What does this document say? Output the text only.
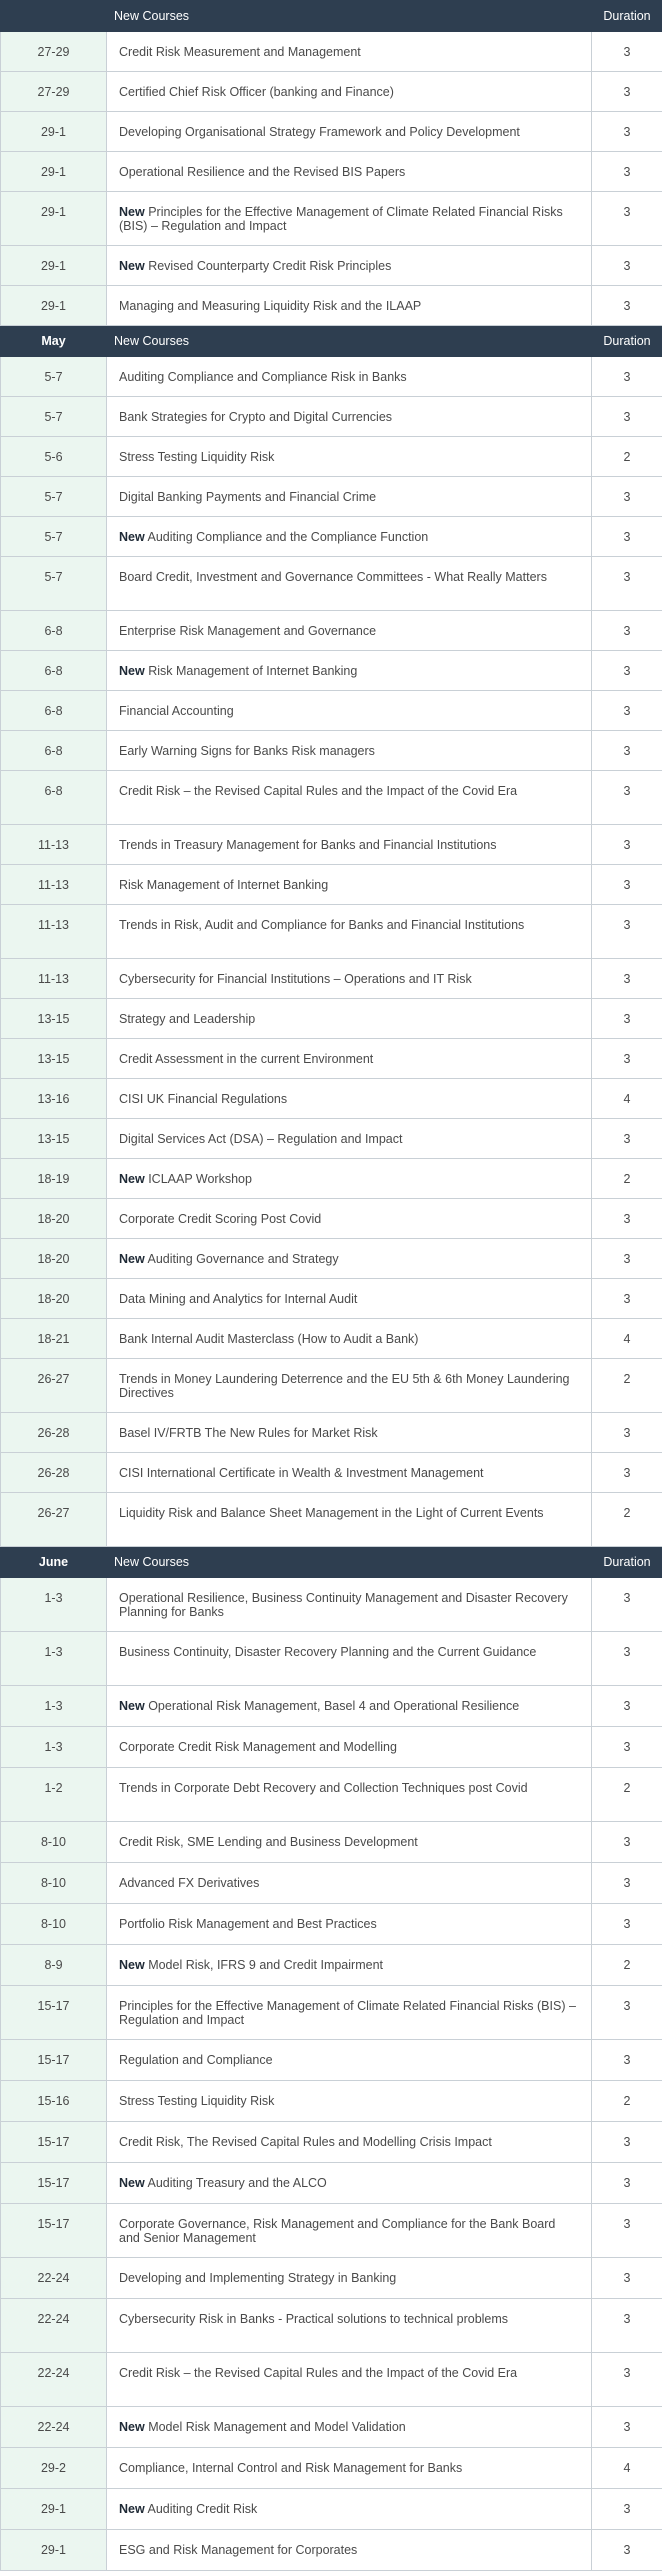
	New Courses	Duration
27-29	Credit Risk Measurement and Management	3
27-29	Certified Chief Risk Officer (banking and Finance)	3
29-1	Developing Organisational Strategy Framework and Policy Development	3
29-1	Operational Resilience and the Revised BIS Papers	3
29-1	New Principles for the Effective Management of Climate Related Financial Risks (BIS) – Regulation and Impact	3
29-1	New Revised Counterparty Credit Risk Principles	3
29-1	Managing and Measuring Liquidity Risk and the ILAAP	3
May	New Courses	Duration
5-7	Auditing Compliance and Compliance Risk in Banks	3
5-7	Bank Strategies for Crypto and Digital Currencies	3
5-6	Stress Testing Liquidity Risk	2
5-7	Digital Banking Payments and Financial Crime	3
5-7	New Auditing Compliance and the Compliance Function	3
5-7	Board Credit, Investment and Governance Committees - What Really Matters	3
6-8	Enterprise Risk Management and Governance	3
6-8	New Risk Management of Internet Banking	3
6-8	Financial Accounting	3
6-8	Early Warning Signs for Banks Risk managers	3
6-8	Credit Risk – the Revised Capital Rules and the Impact of the Covid Era	3
11-13	Trends in Treasury Management for Banks and Financial Institutions	3
11-13	Risk Management of Internet Banking	3
11-13	Trends in Risk, Audit and Compliance for Banks and Financial Institutions	3
11-13	Cybersecurity for Financial Institutions – Operations and IT Risk	3
13-15	Strategy and Leadership	3
13-15	Credit Assessment in the current Environment	3
13-16	CISI UK Financial Regulations	4
13-15	Digital Services Act (DSA) – Regulation and Impact	3
18-19	New ICLAAP Workshop	2
18-20	Corporate Credit Scoring Post Covid	3
18-20	New Auditing Governance and Strategy	3
18-20	Data Mining and Analytics for Internal Audit	3
18-21	Bank Internal Audit Masterclass (How to Audit a Bank)	4
26-27	Trends in Money Laundering Deterrence and the EU 5th & 6th Money Laundering Directives	2
26-28	Basel IV/FRTB The New Rules for Market Risk	3
26-28	CISI International Certificate in Wealth & Investment Management	3
26-27	Liquidity Risk and Balance Sheet Management in the Light of Current Events	2
June	New Courses	Duration
1-3	Operational Resilience, Business Continuity Management and Disaster Recovery Planning for Banks	3
1-3	Business Continuity, Disaster Recovery Planning and the Current Guidance	3
1-3	New Operational Risk Management, Basel 4 and Operational Resilience	3
1-3	Corporate Credit Risk Management and Modelling	3
1-2	Trends in Corporate Debt Recovery and Collection Techniques post Covid	2
8-10	Credit Risk, SME Lending and Business Development	3
8-10	Advanced FX Derivatives	3
8-10	Portfolio Risk Management and Best Practices	3
8-9	New Model Risk, IFRS 9 and Credit Impairment	2
15-17	Principles for the Effective Management of Climate Related Financial Risks (BIS) – Regulation and Impact	3
15-17	Regulation and Compliance	3
15-16	Stress Testing Liquidity Risk	2
15-17	Credit Risk, The Revised Capital Rules and Modelling Crisis Impact	3
15-17	New Auditing Treasury and the ALCO	3
15-17	Corporate Governance, Risk Management and Compliance for the Bank Board and Senior Management	3
22-24	Developing and Implementing Strategy in Banking	3
22-24	Cybersecurity Risk in Banks - Practical solutions to technical problems	3
22-24	Credit Risk – the Revised Capital Rules and the Impact of the Covid Era	3
22-24	New Model Risk Management and Model Validation	3
29-2	Compliance, Internal Control and Risk Management for Banks	4
29-1	New Auditing Credit Risk	3
29-1	ESG and Risk Management for Corporates	3
